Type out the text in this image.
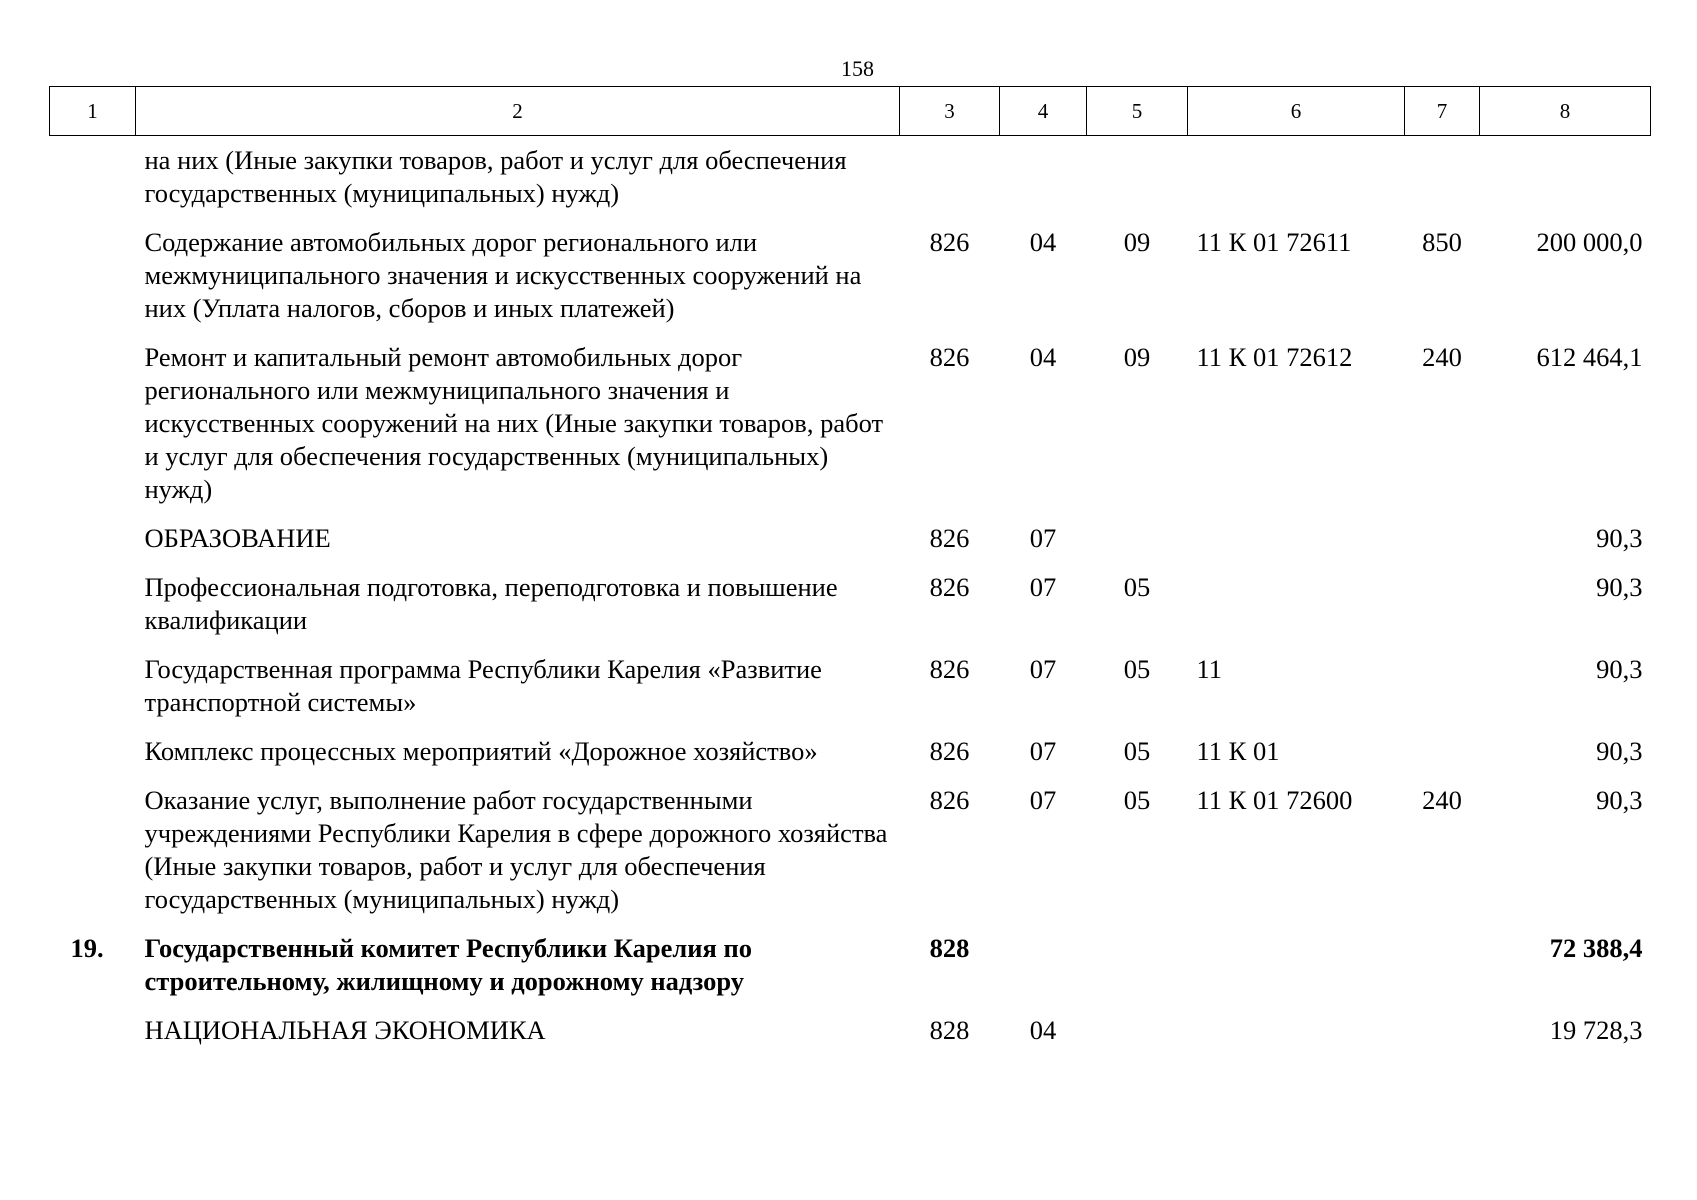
158
1	2	3	4	5	6	7	8
	на них (Иные закупки товаров, работ и услуг для обеспечения государственных (муниципальных) нужд)						
	Содержание автомобильных дорог регионального или межмуниципального значения и искусственных сооружений на них (Уплата налогов, сборов и иных платежей)	826	04	09	11 К 01 72611	850	200 000,0
	Ремонт и капитальный ремонт автомобильных дорог регионального или межмуниципального значения и искусственных сооружений на них (Иные закупки товаров, работ и услуг для обеспечения государственных (муниципальных) нужд)	826	04	09	11 К 01 72612	240	612 464,1
	ОБРАЗОВАНИЕ	826	07				90,3
	Профессиональная подготовка, переподготовка и повышение квалификации	826	07	05			90,3
	Государственная программа Республики Карелия «Развитие транспортной системы»	826	07	05	11		90,3
	Комплекс процессных мероприятий «Дорожное хозяйство»	826	07	05	11 К 01		90,3
	Оказание услуг, выполнение работ государственными учреждениями Республики Карелия в сфере дорожного хозяйства (Иные закупки товаров, работ и услуг для обеспечения государственных (муниципальных) нужд)	826	07	05	11 К 01 72600	240	90,3
19.	Государственный комитет Республики Карелия по строительному, жилищному и дорожному надзору	828					72 388,4
	НАЦИОНАЛЬНАЯ ЭКОНОМИКА	828	04				19 728,3
